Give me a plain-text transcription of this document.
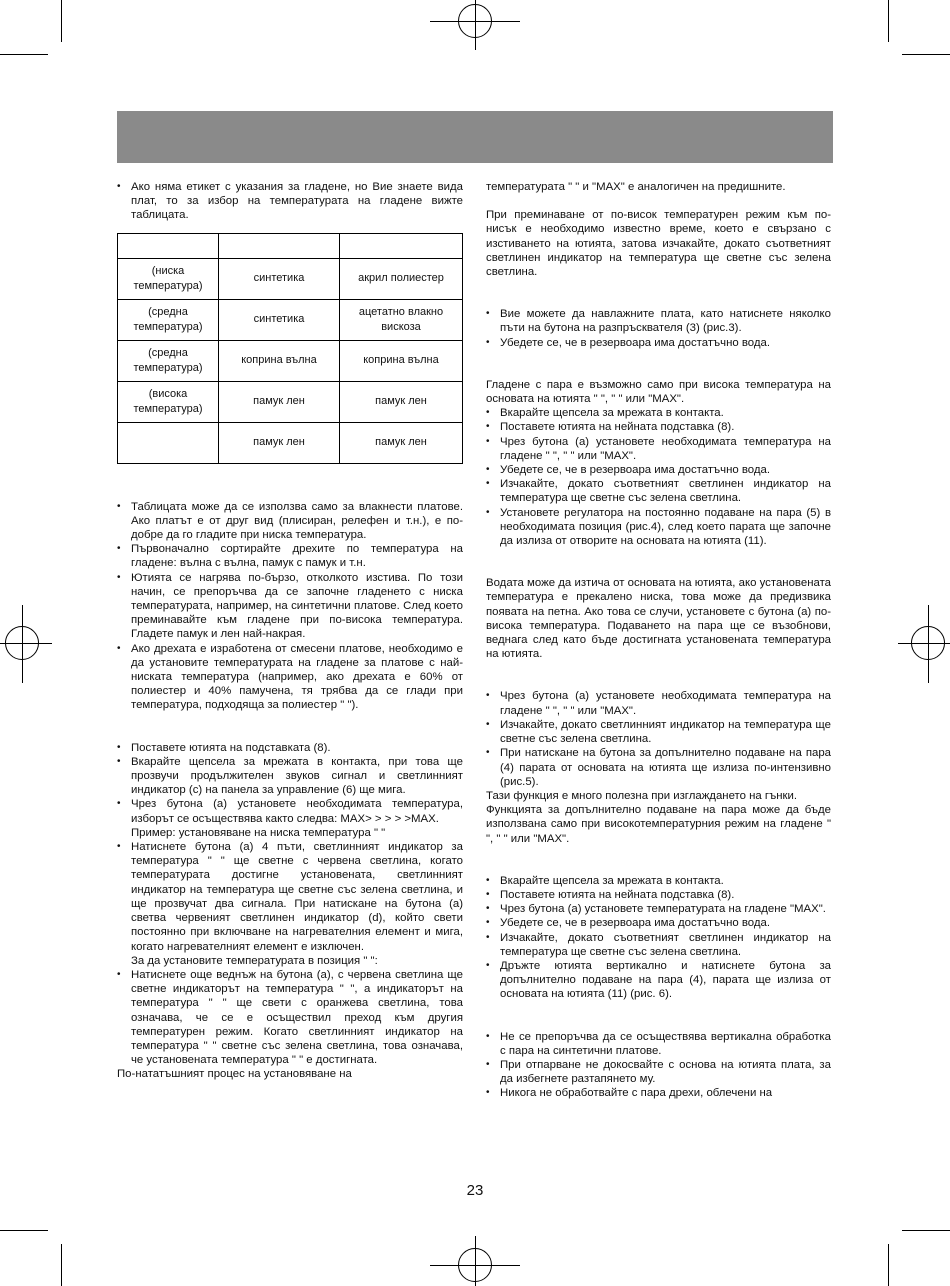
• Ако няма етикет с указания за гладене, но Вие знаете вида плат, то за избор на температурата на гладене вижте таблицата.

(ниска температура)	синтетика	акрил полиестер
(средна температура)	синтетика	ацетатно влакно вискоза
(средна температура)	коприна вълна	коприна вълна
(висока температура)	памук лен	памук лен
	памук лен	памук лен

• Таблицата може да се използва само за влакнести платове. Ако платът е от друг вид (плисиран, релефен и т.н.), е по-добре да го гладите при ниска температура.

• Първоначално сортирайте дрехите по температура на гладене: вълна с вълна, памук с памук и т.н.

• Ютията се нагрява по-бързо, отколкото изстива. По този начин, се препоръчва да се започне гладенето с ниска температурата, например, на синтетични платове. След което преминавайте към гладене при по-висока температура. Гладете памук и лен най-накрая.

• Ако дрехата е изработена от смесени платове, необходимо е да установите температурата на гладене за платове с най-ниската температура (например, ако дрехата е 60% от полиестер и 40% памучена, тя трябва да се глади при температура, подходяща за полиестер " ").

• Поставете ютията на подставката (8).

• Вкарайте щепсела за мрежата в контакта, при това ще прозвучи продължителен звуков сигнал и светлинният индикатор (с) на панела за управление (6) ще мига.

• Чрез бутона (а) установете необходимата температура, изборът се осъществява както следва: MAX> > > > >MAX.

Пример: установяване на ниска температура " "

• Натиснете бутона (а) 4 пъти, светлинният индикатор за температура " " ще светне с червена светлина, когато температурата достигне установената, светлинният индикатор на температура ще светне със зелена светлина, и ще прозвучат два сигнала. При натискане на бутона (а) светва червеният светлинен индикатор (d), който свети постоянно при включване на нагревателния елемент и мига, когато нагревателният елемент е изключен.

За да установите температурата в позиция " ":

• Натиснете още веднъж на бутона (а), с червена светлина ще светне индикаторът на температура " ", а индикаторът на температура " " ще свети с оранжева светлина, това означава, че се е осъществил преход към другия температурен режим. Когато светлинният индикатор на температура " " светне със зелена светлина, това означава, че установената температура " " е достигната.

По-нататъшният процес на установяване на

температурата " " и "MAX" е аналогичен на предишните.

При преминаване от по-висок температурен режим към по-нисък е необходимо известно време, което е свързано с изстиването на ютията, затова изчакайте, докато съответният светлинен индикатор на температура ще светне със зелена светлина.

• Вие можете да навлажните плата, като натиснете няколко пъти на бутона на разпръсквателя (3) (рис.3).

• Убедете се, че в резервоара има достатъчно вода.

Гладене с пара е възможно само при висока температура на основата на ютията " ", " " или "MAX".

• Вкарайте щепсела за мрежата в контакта.

• Поставете ютията на нейната подставка (8).

• Чрез бутона (а) установете необходимата температура на гладене " ", " " или "MAX".

• Убедете се, че в резервоара има достатъчно вода.

• Изчакайте, докато съответният светлинен индикатор на температура ще светне със зелена светлина.

• Установете регулатора на постоянно подаване на пара (5) в необходимата позиция (рис.4), след което парата ще започне да излиза от отворите на основата на ютията (11).

Водата може да изтича от основата на ютията, ако установената температура е прекалено ниска, това може да предизвика появата на петна. Ако това се случи, установете с бутона (а) по-висока температура. Подаването на пара ще се възобнови, веднага след като бъде достигната установената температура на ютията.

• Чрез бутона (а) установете необходимата температура на гладене " ", " " или "MAX".

• Изчакайте, докато светлинният индикатор на температура ще светне със зелена светлина.

• При натискане на бутона за допълнително подаване на пара (4) парата от основата на ютията ще излиза по-интензивно (рис.5).

Тази функция е много полезна при изглаждането на гънки.

Функцията за допълнително подаване на пара може да бъде използвана само при високотемпературния режим на гладене " ", " " или "MAX".

• Вкарайте щепсела за мрежата в контакта.

• Поставете ютията на нейната подставка (8).

• Чрез бутона (а) установете температурата на гладене "MAX".

• Убедете се, че в резервоара има достатъчно вода.

• Изчакайте, докато съответният светлинен индикатор на температура ще светне със зелена светлина.

• Дръжте ютията вертикално и натиснете бутона за допълнително подаване на пара (4), парата ще излиза от основата на ютията (11) (рис. 6).

• Не се препоръчва да се осъществява вертикална обработка с пара на синтетични платове.

• При отпарване не докосвайте с основа на ютията плата, за да избегнете разтапянето му.

• Никога не обработвайте с пара дрехи, облечени на

23
